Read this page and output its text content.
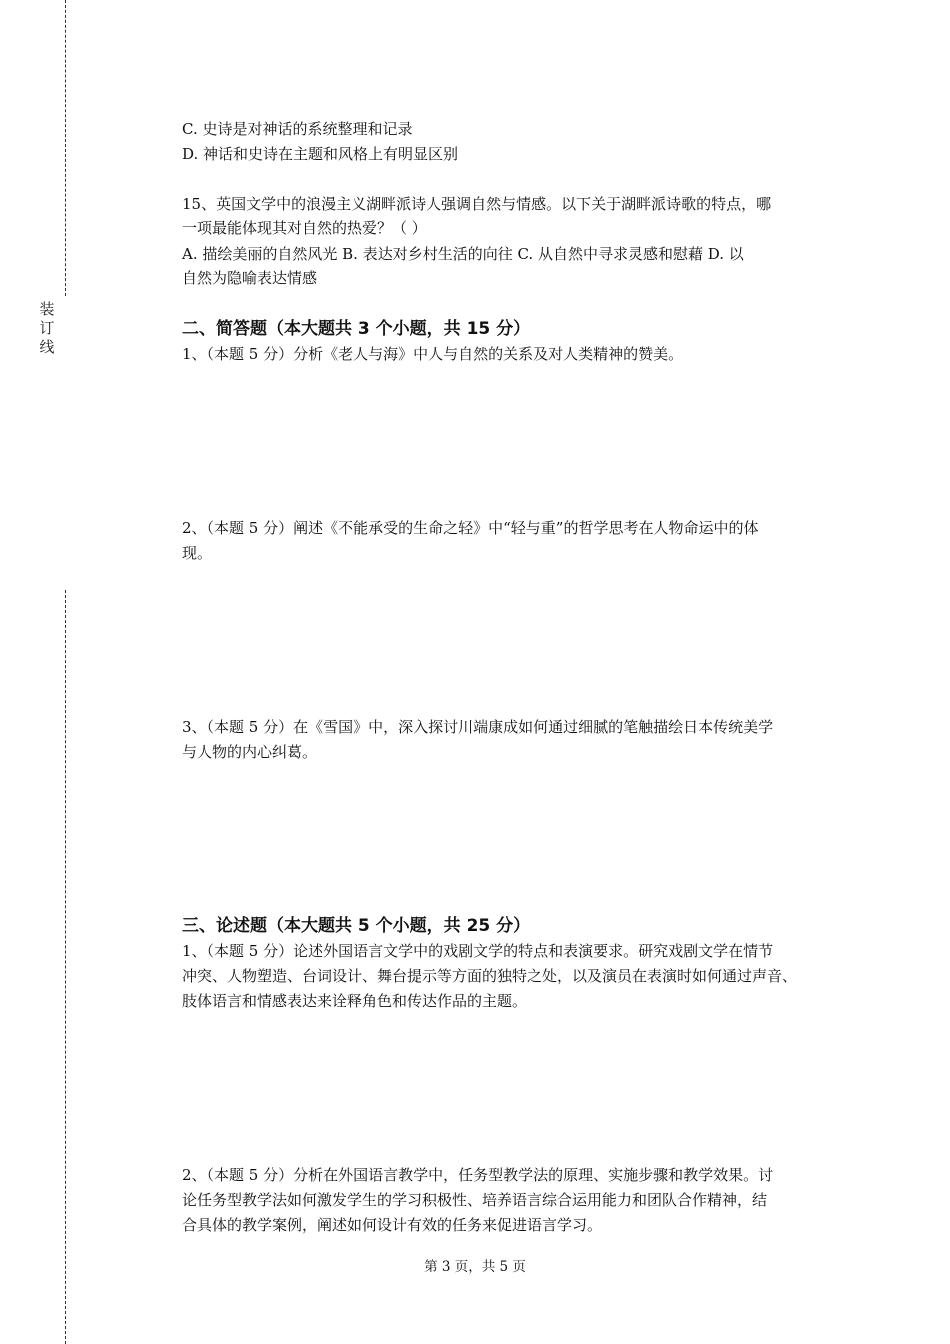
装
订
线
C. 史诗是对神话的系统整理和记录
D. 神话和史诗在主题和风格上有明显区别
15、英国文学中的浪漫主义湖畔派诗人强调自然与情感。以下关于湖畔派诗歌的特点，哪
一项最能体现其对自然的热爱？（ ）
A. 描绘美丽的自然风光 B. 表达对乡村生活的向往 C. 从自然中寻求灵感和慰藉 D. 以
自然为隐喻表达情感
二、简答题（本大题共 3 个小题，共 15 分）
1、（本题 5 分）分析《老人与海》中人与自然的关系及对人类精神的赞美。
2、（本题 5 分）阐述《不能承受的生命之轻》中“轻与重”的哲学思考在人物命运中的体
现。
3、（本题 5 分）在《雪国》中，深入探讨川端康成如何通过细腻的笔触描绘日本传统美学
与人物的内心纠葛。
三、论述题（本大题共 5 个小题，共 25 分）
1、（本题 5 分）论述外国语言文学中的戏剧文学的特点和表演要求。研究戏剧文学在情节
冲突、人物塑造、台词设计、舞台提示等方面的独特之处，以及演员在表演时如何通过声音、
肢体语言和情感表达来诠释角色和传达作品的主题。
2、（本题 5 分）分析在外国语言教学中，任务型教学法的原理、实施步骤和教学效果。讨
论任务型教学法如何激发学生的学习积极性、培养语言综合运用能力和团队合作精神，结
合具体的教学案例，阐述如何设计有效的任务来促进语言学习。
第 3 页，共 5 页
